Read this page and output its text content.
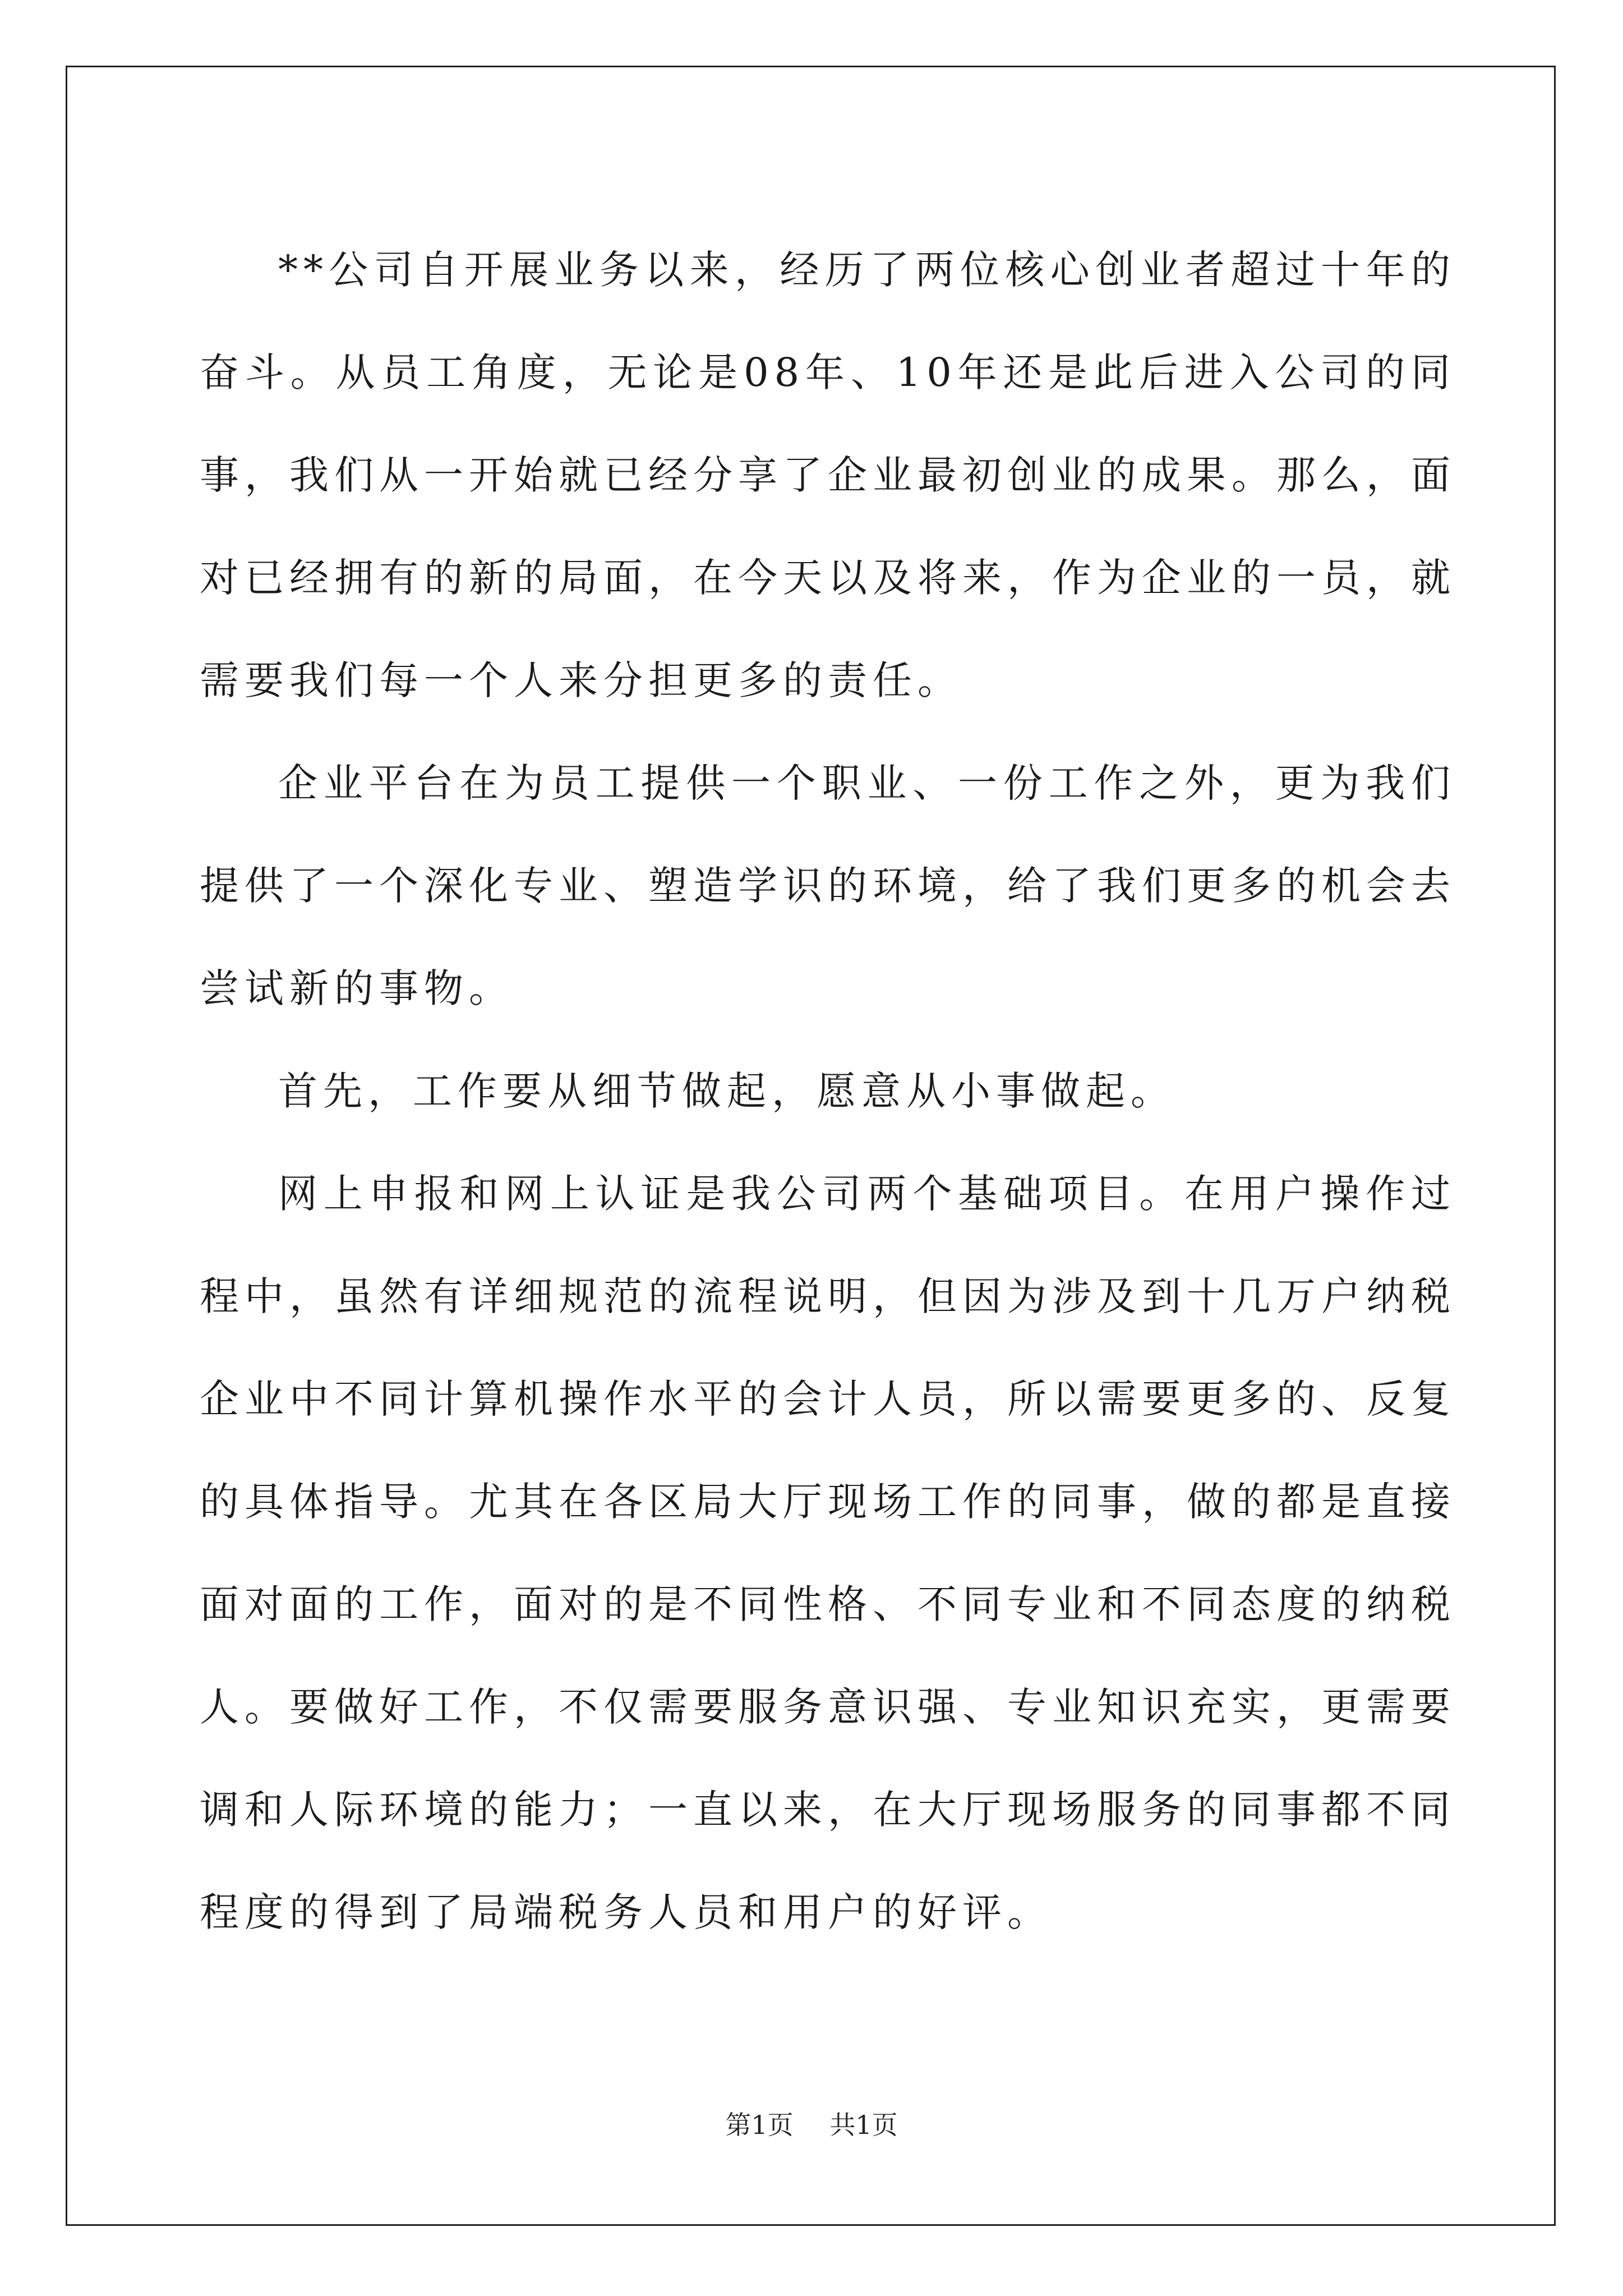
**公司自开展业务以来，经历了两位核心创业者超过十年的奋斗。从员工角度，无论是08年、10年还是此后进入公司的同事，我们从一开始就已经分享了企业最初创业的成果。那么，面对已经拥有的新的局面，在今天以及将来，作为企业的一员，就需要我们每一个人来分担更多的责任。

企业平台在为员工提供一个职业、一份工作之外，更为我们提供了一个深化专业、塑造学识的环境，给了我们更多的机会去尝试新的事物。

首先，工作要从细节做起，愿意从小事做起。

网上申报和网上认证是我公司两个基础项目。在用户操作过程中，虽然有详细规范的流程说明，但因为涉及到十几万户纳税企业中不同计算机操作水平的会计人员，所以需要更多的、反复的具体指导。尤其在各区局大厅现场工作的同事，做的都是直接面对面的工作，面对的是不同性格、不同专业和不同态度的纳税人。要做好工作，不仅需要服务意识强、专业知识充实，更需要调和人际环境的能力；一直以来，在大厅现场服务的同事都不同程度的得到了局端税务人员和用户的好评。

第1页 共1页
